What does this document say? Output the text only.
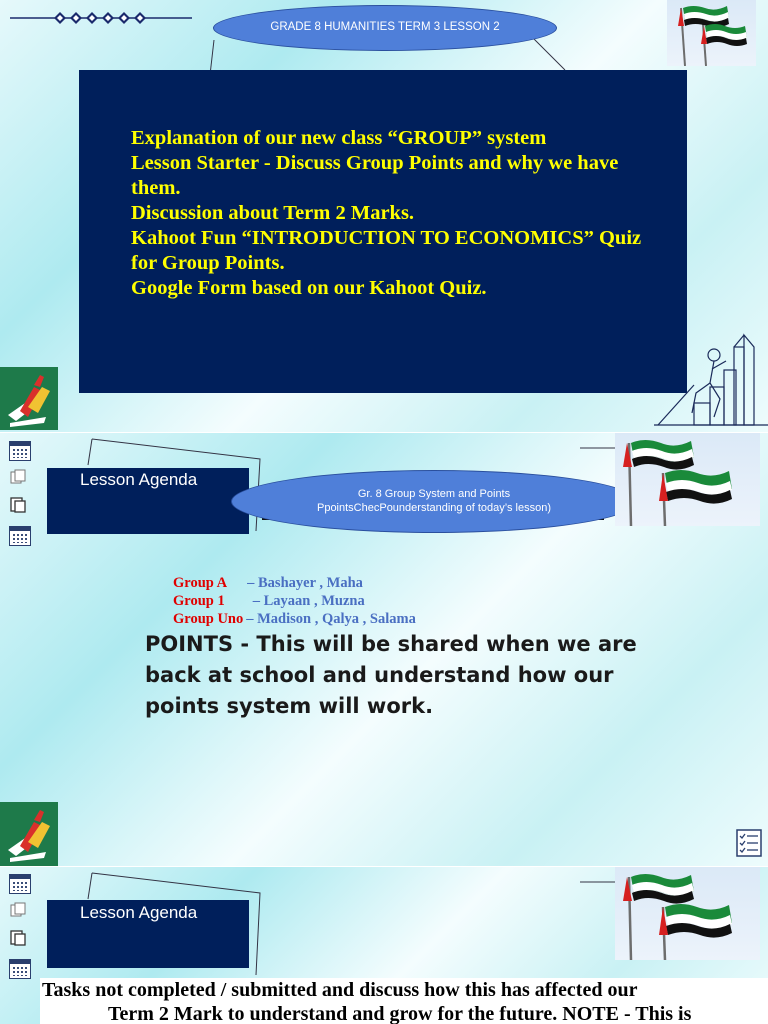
GRADE 8 HUMANITIES TERM 3 LESSON 2
Explanation of our new class “GROUP” system
Lesson Starter - Discuss Group Points and why we have
them.
Discussion about Term 2 Marks.
Kahoot Fun “INTRODUCTION TO ECONOMICS” Quiz
for Group Points.
Google Form based on our Kahoot Quiz.
Lesson Agenda
Gr. 8 Group System and Points
PpointsChecPounderstanding of today’s lesson)
Group A – Bashayer , Maha
Group 1 – Layaan , Muzna
Group Uno – Madison , Qalya , Salama
POINTS - This will be shared when we are
back at school and understand how our
points system will work.
Lesson Agenda
Tasks not completed / submitted and discuss how this has affected our
Term 2 Mark to understand and grow for the future. NOTE - This is
